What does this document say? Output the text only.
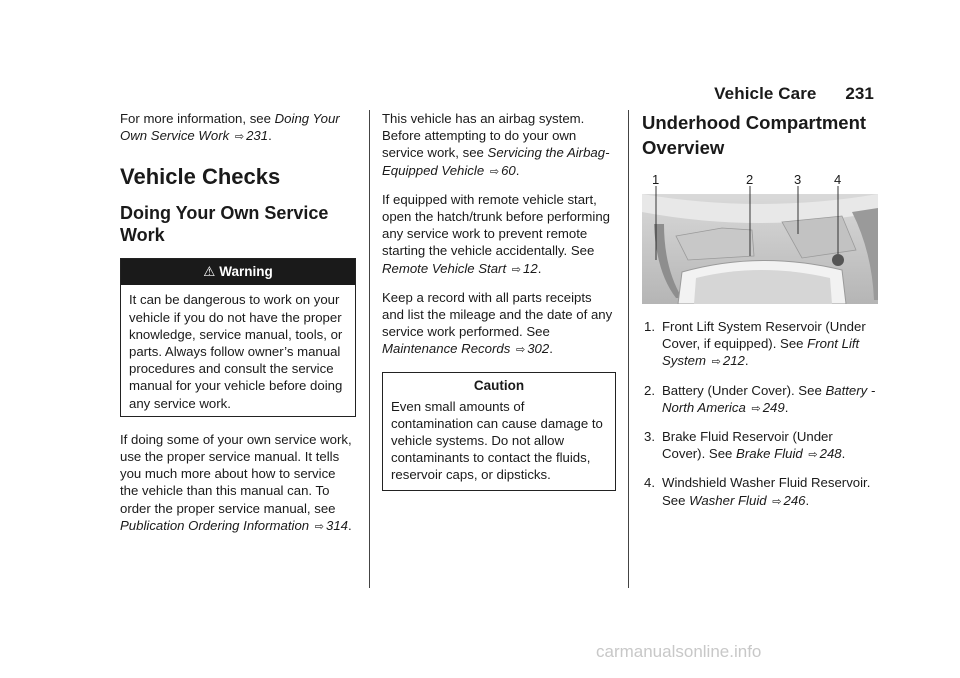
Vehicle Care 231

For more information, see Doing Your Own Service Work ⇨ 231.

Vehicle Checks
Doing Your Own Service Work
⚠ Warning
It can be dangerous to work on your vehicle if you do not have the proper knowledge, service manual, tools, or parts. Always follow owner’s manual procedures and consult the service manual for your vehicle before doing any service work.

If doing some of your own service work, use the proper service manual. It tells you much more about how to service the vehicle than this manual can. To order the proper service manual, see Publication Ordering Information ⇨ 314.

This vehicle has an airbag system. Before attempting to do your own service work, see Servicing the Airbag-Equipped Vehicle ⇨ 60.

If equipped with remote vehicle start, open the hatch/trunk before performing any service work to prevent remote starting the vehicle accidentally. See Remote Vehicle Start ⇨ 12.

Keep a record with all parts receipts and list the mileage and the date of any service work performed. See Maintenance Records ⇨ 302.

Caution
Even small amounts of contamination can cause damage to vehicle systems. Do not allow contaminants to contact the fluids, reservoir caps, or dipsticks.
Underhood Compartment Overview
1	2	3	4
1. Front Lift System Reservoir (Under Cover, if equipped). See Front Lift System ⇨ 212.
2. Battery (Under Cover). See Battery - North America ⇨ 249.
3. Brake Fluid Reservoir (Under Cover). See Brake Fluid ⇨ 248.
4. Windshield Washer Fluid Reservoir. See Washer Fluid ⇨ 246.
carmanualsonline.info
